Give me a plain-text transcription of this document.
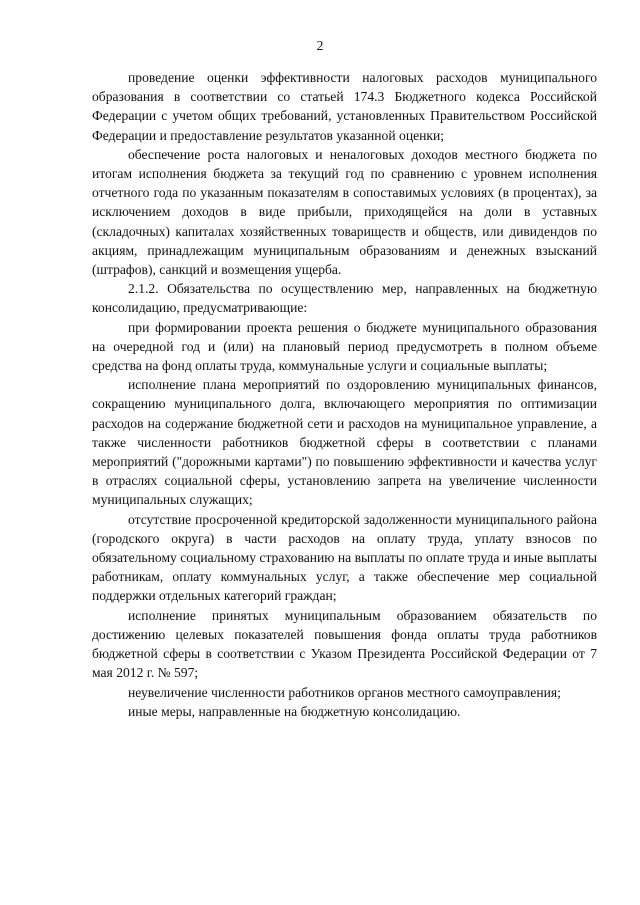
2

проведение оценки эффективности налоговых расходов муниципального образования в соответствии со статьей 174.3 Бюджетного кодекса Российской Федерации с учетом общих требований, установленных Правительством Российской Федерации и предоставление результатов указанной оценки;

обеспечение роста налоговых и неналоговых доходов местного бюджета по итогам исполнения бюджета за текущий год по сравнению с уровнем исполнения отчетного года по указанным показателям в сопоставимых условиях (в процентах), за исключением доходов в виде прибыли, приходящейся на доли в уставных (складочных) капиталах хозяйственных товариществ и обществ, или дивидендов по акциям, принадлежащим муниципальным образованиям и денежных взысканий (штрафов), санкций и возмещения ущерба.

2.1.2. Обязательства по осуществлению мер, направленных на бюджетную консолидацию, предусматривающие:

при формировании проекта решения о бюджете муниципального образования на очередной год и (или) на плановый период предусмотреть в полном объеме средства на фонд оплаты труда, коммунальные услуги и социальные выплаты;

исполнение плана мероприятий по оздоровлению муниципальных финансов, сокращению муниципального долга, включающего мероприятия по оптимизации расходов на содержание бюджетной сети и расходов на муниципальное управление, а также численности работников бюджетной сферы в соответствии с планами мероприятий ("дорожными картами") по повышению эффективности и качества услуг в отраслях социальной сферы, установлению запрета на увеличение численности муниципальных служащих;

отсутствие просроченной кредиторской задолженности муниципального района (городского округа) в части расходов на оплату труда, уплату взносов по обязательному социальному страхованию на выплаты по оплате труда и иные выплаты работникам, оплату коммунальных услуг, а также обеспечение мер социальной поддержки отдельных категорий граждан;

исполнение принятых муниципальным образованием обязательств по достижению целевых показателей повышения фонда оплаты труда работников бюджетной сферы в соответствии с Указом Президента Российской Федерации от 7 мая 2012 г. № 597;

неувеличение численности работников органов местного самоуправления;

иные меры, направленные на бюджетную консолидацию.
